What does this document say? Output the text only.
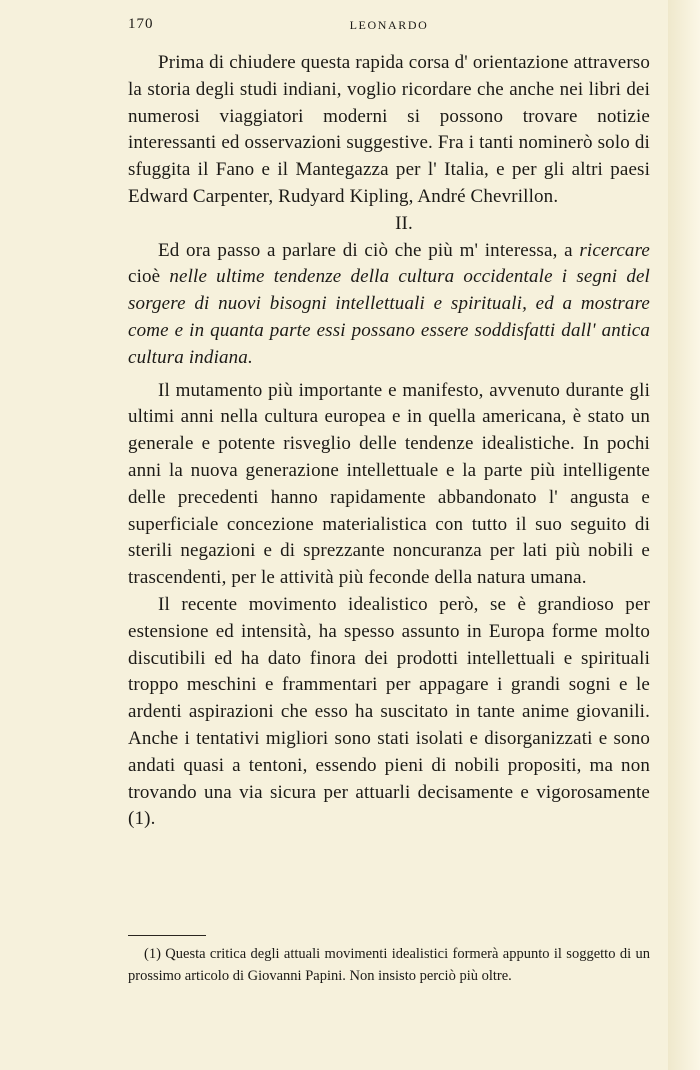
170	LEONARDO

Prima di chiudere questa rapida corsa d' orientazione attraverso la storia degli studi indiani, voglio ricordare che anche nei libri dei numerosi viaggiatori moderni si possono trovare notizie interessanti ed osservazioni suggestive. Fra i tanti nominerò solo di sfuggita il Fano e il Mantegazza per l' Italia, e per gli altri paesi Edward Carpenter, Rudyard Kipling, André Chevrillon.

II.

Ed ora passo a parlare di ciò che più m' interessa, a ricercare cioè nelle ultime tendenze della cultura occidentale i segni del sorgere di nuovi bisogni intellettuali e spirituali, ed a mostrare come e in quanta parte essi possano essere soddisfatti dall' antica cultura indiana.

Il mutamento più importante e manifesto, avvenuto durante gli ultimi anni nella cultura europea e in quella americana, è stato un generale e potente risveglio delle tendenze idealistiche. In pochi anni la nuova generazione intellettuale e la parte più intelligente delle precedenti hanno rapidamente abbandonato l' angusta e superficiale concezione materialistica con tutto il suo seguito di sterili negazioni e di sprezzante noncuranza per lati più nobili e trascendenti, per le attività più feconde della natura umana.

Il recente movimento idealistico però, se è grandioso per estensione ed intensità, ha spesso assunto in Europa forme molto discutibili ed ha dato finora dei prodotti intellettuali e spirituali troppo meschini e frammentari per appagare i grandi sogni e le ardenti aspirazioni che esso ha suscitato in tante anime giovanili. Anche i tentativi migliori sono stati isolati e disorganizzati e sono andati quasi a tentoni, essendo pieni di nobili propositi, ma non trovando una via sicura per attuarli decisamente e vigorosamente (1).

(1) Questa critica degli attuali movimenti idealistici formerà appunto il soggetto di un prossimo articolo di Giovanni Papini. Non insisto perciò più oltre.
